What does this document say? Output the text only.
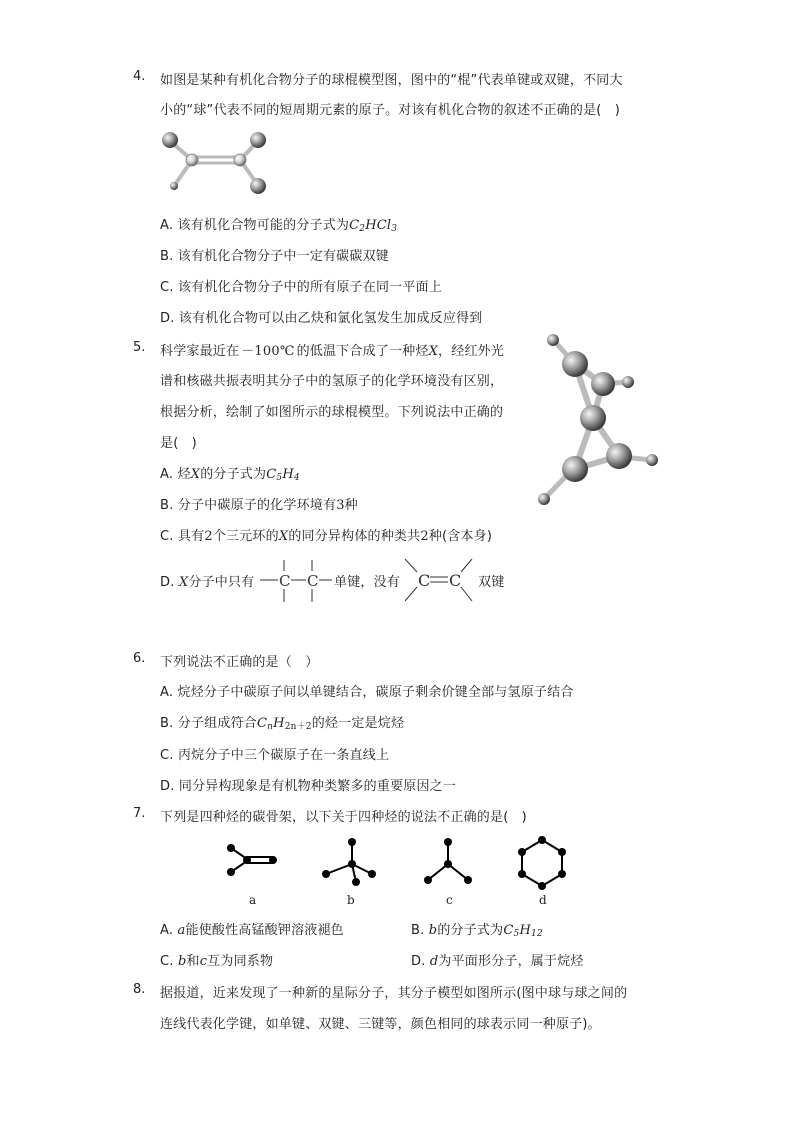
4. 如图是某种有机化合物分子的球棍模型图，图中的“棍”代表单键或双键，不同大
小的“球”代表不同的短周期元素的原子。对该有机化合物的叙述不正确的是(　)
A. 该有机化合物可能的分子式为$C_2HCl_3$
B. 该有机化合物分子中一定有碳碳双键
C. 该有机化合物分子中的所有原子在同一平面上
D. 该有机化合物可以由乙炔和氯化氢发生加成反应得到
5. 科学家最近在 －100℃ 的低温下合成了一种烃X，经红外光
谱和核磁共振表明其分子中的氢原子的化学环境没有区别，
根据分析，绘制了如图所示的球棍模型。下列说法中正确的
是(　)
A. 烃X的分子式为$C_5H_4$
B. 分子中碳原子的化学环境有3种
C. 具有2个三元环的X的同分异构体的种类共2种(含本身)
D. X分子中只有 C C 单键，没有 C C 双键
6. 下列说法不正确的是（　）
A. 烷烃分子中碳原子间以单键结合，碳原子剩余价键全部与氢原子结合
B. 分子组成符合$C_nH_{2n+2}$的烃一定是烷烃
C. 丙烷分子中三个碳原子在一条直线上
D. 同分异构现象是有机物种类繁多的重要原因之一
7. 下列是四种烃的碳骨架，以下关于四种烃的说法不正确的是(　)
a	b	c	d
A. a能使酸性高锰酸钾溶液褪色	B. b的分子式为$C_5H_{12}$
C. b和c互为同系物	D. d为平面形分子，属于烷烃
8. 据报道，近来发现了一种新的星际分子，其分子模型如图所示(图中球与球之间的
连线代表化学键，如单键、双键、三键等，颜色相同的球表示同一种原子)。
